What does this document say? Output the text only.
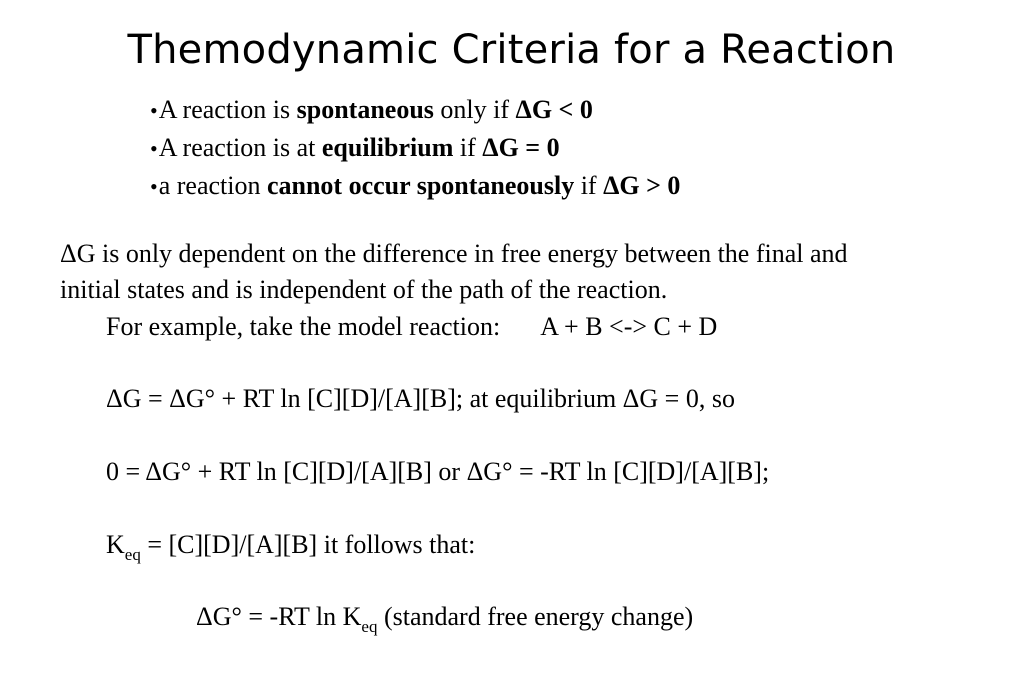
Themodynamic Criteria for a Reaction
•A reaction is spontaneous only if ΔG < 0
•A reaction is at equilibrium if ΔG = 0
•a reaction cannot occur spontaneously if ΔG > 0
ΔG is only dependent on the difference in free energy between the final and
initial states and is independent of the path of the reaction.
For example, take the model reaction: A + B <-> C + D
ΔG = ΔG° + RT ln [C][D]/[A][B]; at equilibrium ΔG = 0, so
0 = ΔG° + RT ln [C][D]/[A][B] or ΔG° = -RT ln [C][D]/[A][B];
$K_{eq} = [C][D]/[A][B]$ it follows that:
ΔG° = -RT $\ln K_{eq}$ (standard free energy change)
